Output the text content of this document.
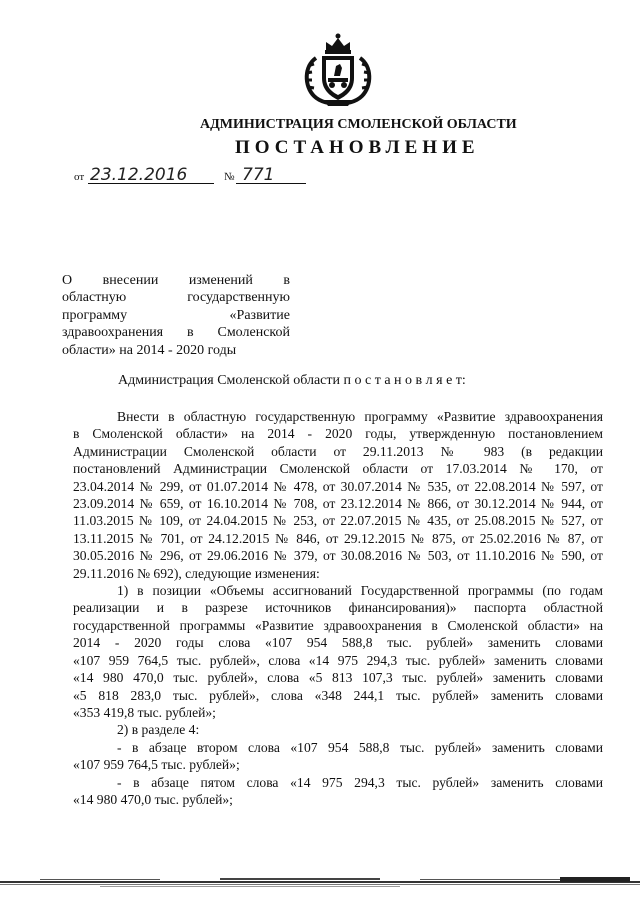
АДМИНИСТРАЦИЯ СМОЛЕНСКОЙ ОБЛАСТИ
ПОСТАНОВЛЕНИЕ
от 23.12.2016	№ 771
О внесении изменений в
областную государственную
программу «Развитие
здравоохранения в Смоленской
области» на 2014 - 2020 годы
Администрация Смоленской области п о с т а н о в л я е т:
Внести в областную государственную программу «Развитие здравоохранения
в Смоленской области» на 2014 - 2020 годы, утвержденную постановлением
Администрации Смоленской области от 29.11.2013 № 983 (в редакции
постановлений Администрации Смоленской области от 17.03.2014 № 170, от
23.04.2014 № 299, от 01.07.2014 № 478, от 30.07.2014 № 535, от 22.08.2014 № 597, от
23.09.2014 № 659, от 16.10.2014 № 708, от 23.12.2014 № 866, от 30.12.2014 № 944, от
11.03.2015 № 109, от 24.04.2015 № 253, от 22.07.2015 № 435, от 25.08.2015 № 527, от
13.11.2015 № 701, от 24.12.2015 № 846, от 29.12.2015 № 875, от 25.02.2016 № 87, от
30.05.2016 № 296, от 29.06.2016 № 379, от 30.08.2016 № 503, от 11.10.2016 № 590, от
29.11.2016 № 692), следующие изменения:
1) в позиции «Объемы ассигнований Государственной программы (по годам
реализации и в разрезе источников финансирования)» паспорта областной
государственной программы «Развитие здравоохранения в Смоленской области» на
2014 - 2020 годы слова «107 954 588,8 тыс. рублей» заменить словами
«107 959 764,5 тыс. рублей», слова «14 975 294,3 тыс. рублей» заменить словами
«14 980 470,0 тыс. рублей», слова «5 813 107,3 тыс. рублей» заменить словами
«5 818 283,0 тыс. рублей», слова «348 244,1 тыс. рублей» заменить словами
«353 419,8 тыс. рублей»;
2) в разделе 4:
- в абзаце втором слова «107 954 588,8 тыс. рублей» заменить словами
«107 959 764,5 тыс. рублей»;
- в абзаце пятом слова «14 975 294,3 тыс. рублей» заменить словами
«14 980 470,0 тыс. рублей»;
